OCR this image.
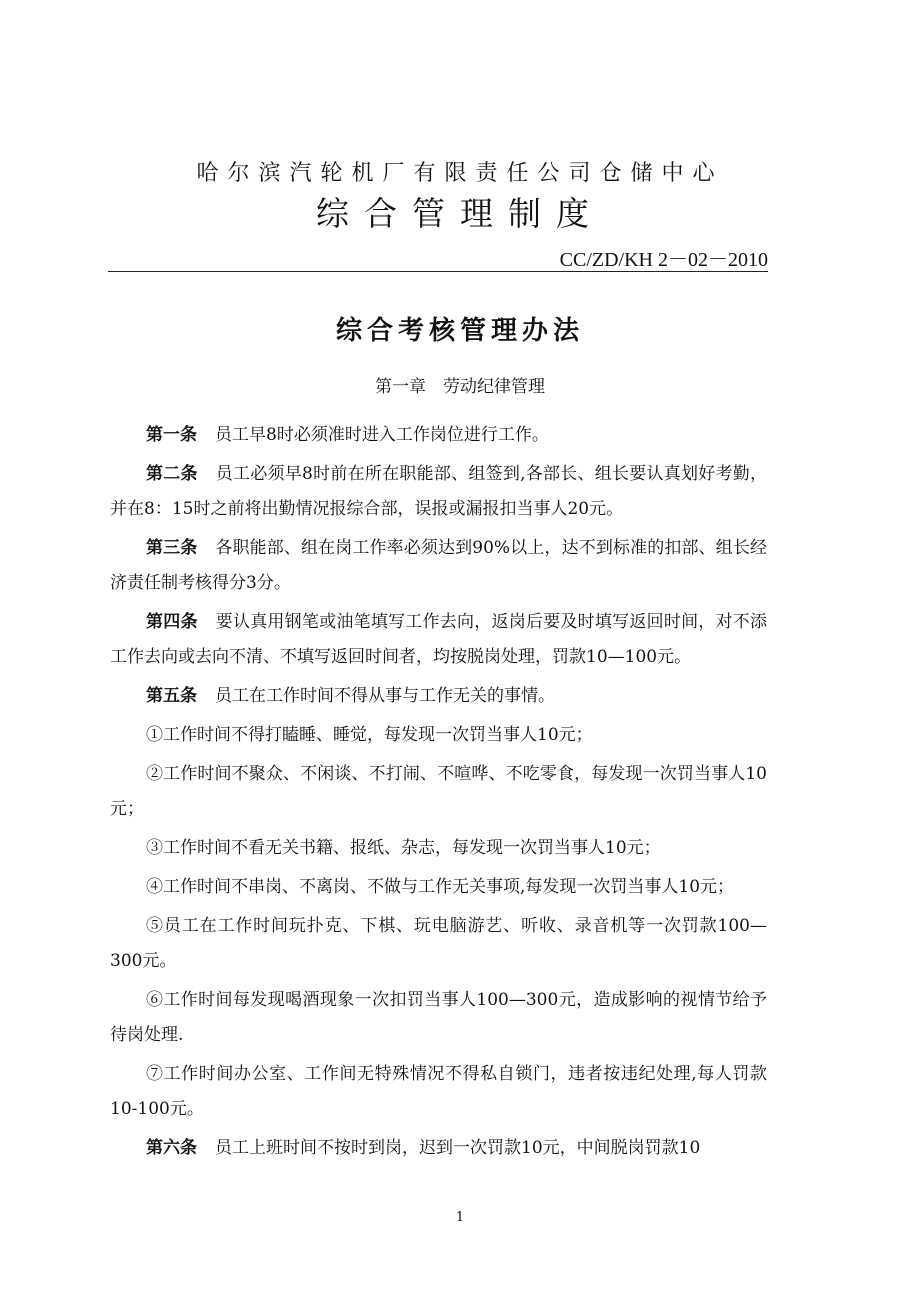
哈尔滨汽轮机厂有限责任公司仓储中心
综合管理制度
CC/ZD/KH 2－02－2010
综合考核管理办法
第一章　劳动纪律管理

第一条 员工早8时必须准时进入工作岗位进行工作。

第二条 员工必须早8时前在所在职能部、组签到,各部长、组长要认真划好考勤，并在8：15时之前将出勤情况报综合部，误报或漏报扣当事人20元。

第三条 各职能部、组在岗工作率必须达到90%以上，达不到标准的扣部、组长经济责任制考核得分3分。

第四条 要认真用钢笔或油笔填写工作去向，返岗后要及时填写返回时间，对不添工作去向或去向不清、不填写返回时间者，均按脱岗处理，罚款10—100元。

第五条 员工在工作时间不得从事与工作无关的事情。

①工作时间不得打瞌睡、睡觉，每发现一次罚当事人10元；

②工作时间不聚众、不闲谈、不打闹、不喧哗、不吃零食，每发现一次罚当事人10元；

③工作时间不看无关书籍、报纸、杂志，每发现一次罚当事人10元；

④工作时间不串岗、不离岗、不做与工作无关事项,每发现一次罚当事人10元；

⑤员工在工作时间玩扑克、下棋、玩电脑游艺、听收、录音机等一次罚款100—300元。

⑥工作时间每发现喝酒现象一次扣罚当事人100—300元，造成影响的视情节给予待岗处理.

⑦工作时间办公室、工作间无特殊情况不得私自锁门，违者按违纪处理,每人罚款10-100元。

第六条 员工上班时间不按时到岗，迟到一次罚款10元，中间脱岗罚款10

1
